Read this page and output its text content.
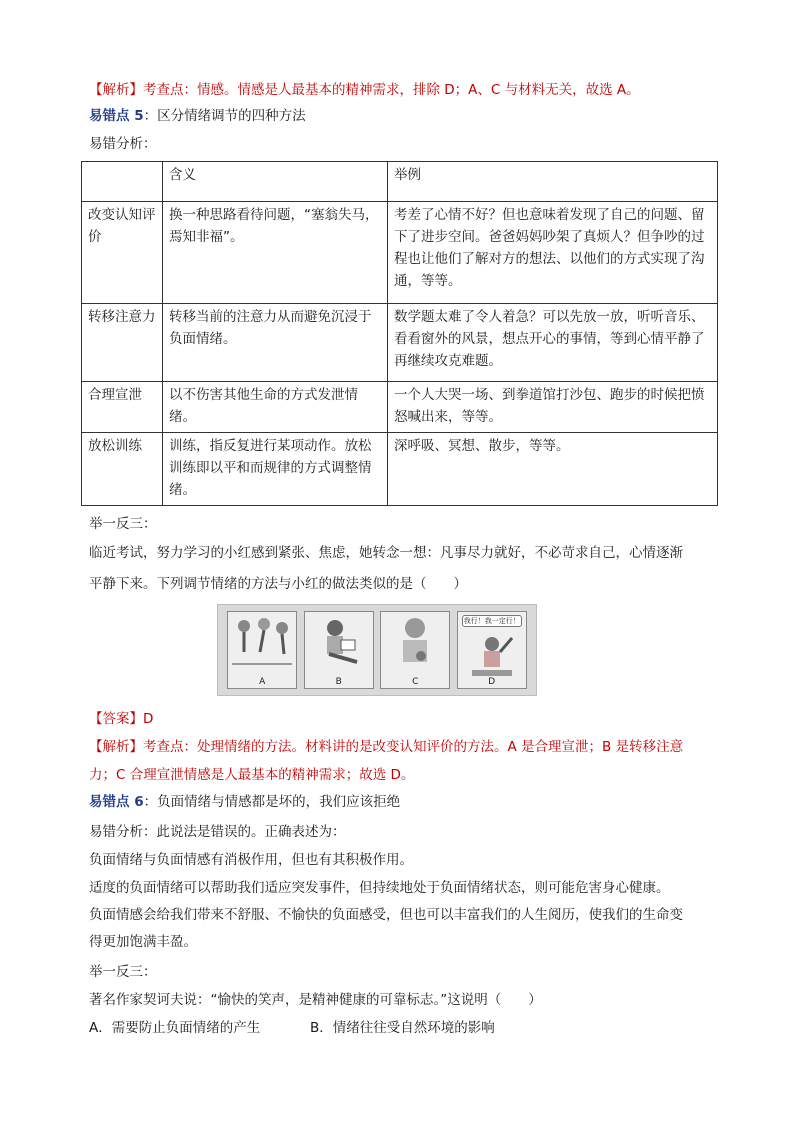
【解析】考查点：情感。情感是人最基本的精神需求，排除 D；A、C 与材料无关，故选 A。
易错点 5：区分情绪调节的四种方法
易错分析：
	含义	举例
改变认知评价	换一种思路看待问题，“塞翁失马，焉知非福”。	考差了心情不好？但也意味着发现了自己的问题、留下了进步空间。爸爸妈妈吵架了真烦人？但争吵的过程也让他们了解对方的想法、以他们的方式实现了沟通，等等。
转移注意力	转移当前的注意力从而避免沉浸于负面情绪。	数学题太难了令人着急？可以先放一放，听听音乐、看看窗外的风景，想点开心的事情，等到心情平静了再继续攻克难题。
合理宣泄	以不伤害其他生命的方式发泄情绪。	一个人大哭一场、到拳道馆打沙包、跑步的时候把愤怒喊出来，等等。
放松训练	训练，指反复进行某项动作。放松训练即以平和而规律的方式调整情绪。	深呼吸、冥想、散步，等等。
举一反三：
临近考试，努力学习的小红感到紧张、焦虑，她转念一想：凡事尽力就好，不必苛求自己，心情逐渐
平静下来。下列调节情绪的方法与小红的做法类似的是（　　）
A	B	C
我行！我一定行！
D
【答案】D
【解析】考查点：处理情绪的方法。材料讲的是改变认知评价的方法。A 是合理宣泄；B 是转移注意
力；C 合理宣泄情感是人最基本的精神需求；故选 D。
易错点 6：负面情绪与情感都是坏的，我们应该拒绝
易错分析：此说法是错误的。正确表述为：
负面情绪与负面情感有消极作用，但也有其积极作用。
适度的负面情绪可以帮助我们适应突发事件，但持续地处于负面情绪状态，则可能危害身心健康。
负面情感会给我们带来不舒服、不愉快的负面感受，但也可以丰富我们的人生阅历，使我们的生命变
得更加饱满丰盈。
举一反三：
著名作家契诃夫说：“愉快的笑声，是精神健康的可靠标志。”这说明（　　）
A．需要防止负面情绪的产生	B．情绪往往受自然环境的影响
